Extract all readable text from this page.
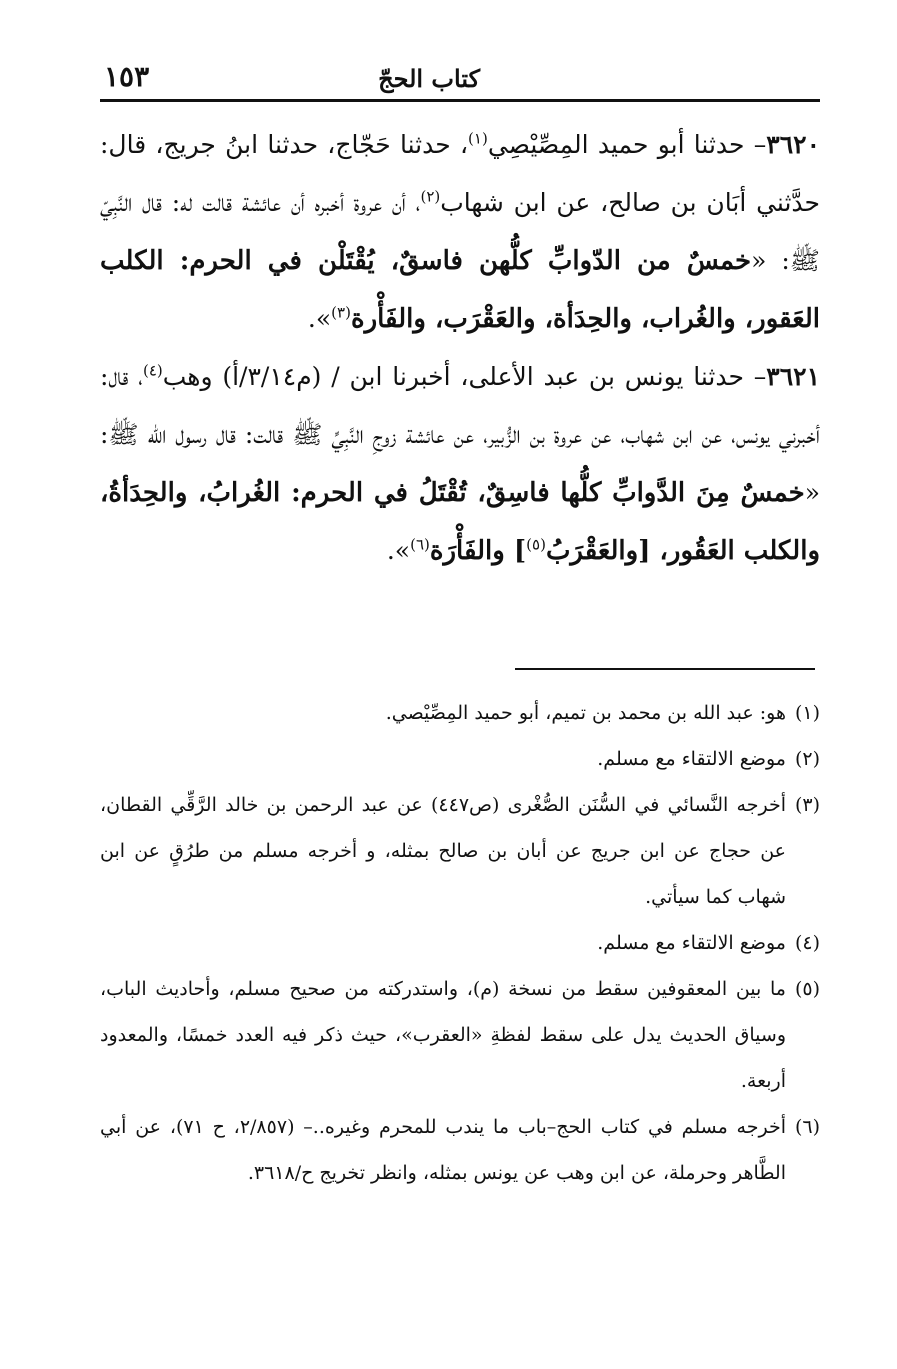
كتاب الحجّ
١٥٣

٣٦٢٠– حدثنا أبو حميد المِصِّيْصِي$^{(١)}$، حدثنا حَجّاج، حدثنا ابنُ جريج، قال: حدَّثني أبَان بن صالح، عن ابن شهاب$^{(٢)}$، أن عروة أخبره أن عائشة قالت له: قال النَّبِيّ ﷺ: «خمسٌ من الدّوابِّ كلُّهن فاسقٌ، يُقْتَلْن في الحرم: الكلب العَقور، والغُراب، والحِدَأة، والعَقْرَب، والفَأْرة$^{(٣)}$».

٣٦٢١– حدثنا يونس بن عبد الأعلى، أخبرنا ابن / (م٣/١٤/أ) وهب$^{(٤)}$، قال: أخبرني يونس، عن ابن شهاب، عن عروة بن الزُّبير، عن عائشة زوجِ النَّبِيِّ ﷺ قالت: قال رسول الله ﷺ: «خمسٌ مِنَ الدَّوابِّ كلُّها فاسِقٌ، تُقْتَلُ في الحرم: الغُرابُ، والحِدَأةُ، والكلب العَقُور، [والعَقْرَبُ$^{(٥)}$] والفَأْرَة$^{(٦)}$».

(١)
هو: عبد الله بن محمد بن تميم، أبو حميد المِصِّيْصي.

(٢)
موضع الالتقاء مع مسلم.

(٣)
أخرجه النَّسائي في السُّنَن الصُّغْرى (ص٤٤٧) عن عبد الرحمن بن خالد الرَّقِّي القطان، عن حجاج عن ابن جريج عن أبان بن صالح بمثله، و أخرجه مسلم من طرُقٍ عن ابن شهاب كما سيأتي.

(٤)
موضع الالتقاء مع مسلم.

(٥)
ما بين المعقوفين سقط من نسخة (م)، واستدركته من صحيح مسلم، وأحاديث الباب، وسياق الحديث يدل على سقط لفظةِ «العقرب»، حيث ذكر فيه العدد خمسًا، والمعدود أربعة.

(٦)
أخرجه مسلم في كتاب الحج–باب ما يندب للمحرم وغيره..– (٢/٨٥٧، ح ٧١)، عن أبي الطَّاهر وحرملة، عن ابن وهب عن يونس بمثله، وانظر تخريج ح/٣٦١٨.
